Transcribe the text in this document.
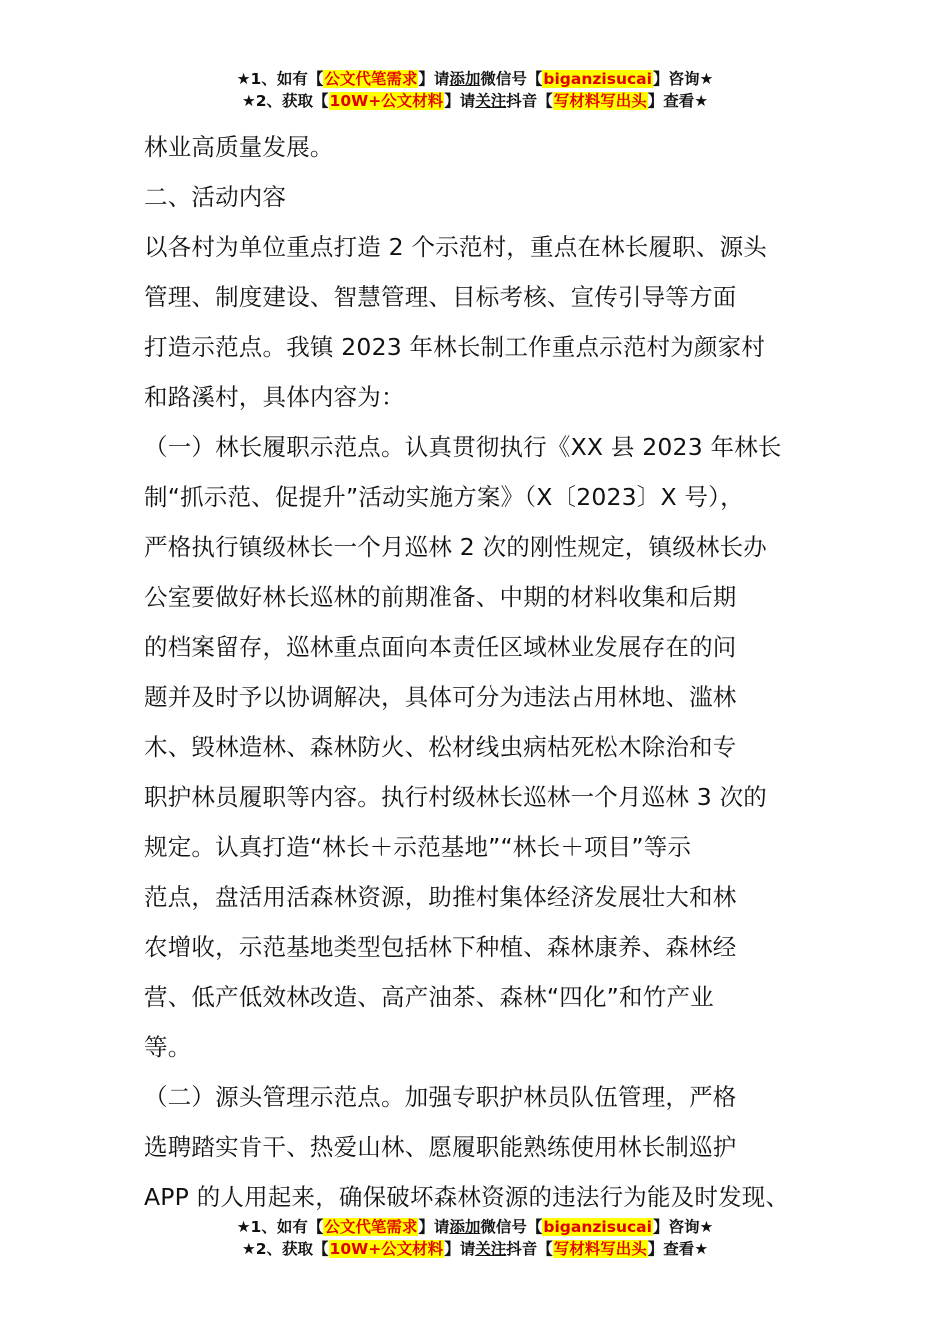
★1、如有【公文代笔需求】请添加微信号【biganzisucai】咨询★
★2、获取【10W+公文材料】请关注抖音【写材料写出头】查看★
林业高质量发展。
二、活动内容
以各村为单位重点打造 2 个示范村，重点在林长履职、源头
管理、制度建设、智慧管理、目标考核、宣传引导等方面
打造示范点。我镇 2023 年林长制工作重点示范村为颜家村
和路溪村，具体内容为：
（一）林长履职示范点。认真贯彻执行《XX 县 2023 年林长
制“抓示范、促提升”活动实施方案》（X〔2023〕X 号），
严格执行镇级林长一个月巡林 2 次的刚性规定，镇级林长办
公室要做好林长巡林的前期准备、中期的材料收集和后期
的档案留存，巡林重点面向本责任区域林业发展存在的问
题并及时予以协调解决，具体可分为违法占用林地、滥林
木、毁林造林、森林防火、松材线虫病枯死松木除治和专
职护林员履职等内容。执行村级林长巡林一个月巡林 3 次的
规定。认真打造“林长＋示范基地”“林长＋项目”等示
范点，盘活用活森林资源，助推村集体经济发展壮大和林
农增收，示范基地类型包括林下种植、森林康养、森林经
营、低产低效林改造、高产油茶、森林“四化”和竹产业
等。
（二）源头管理示范点。加强专职护林员队伍管理，严格
选聘踏实肯干、热爱山林、愿履职能熟练使用林长制巡护
APP 的人用起来，确保破坏森林资源的违法行为能及时发现、
★1、如有【公文代笔需求】请添加微信号【biganzisucai】咨询★
★2、获取【10W+公文材料】请关注抖音【写材料写出头】查看★
